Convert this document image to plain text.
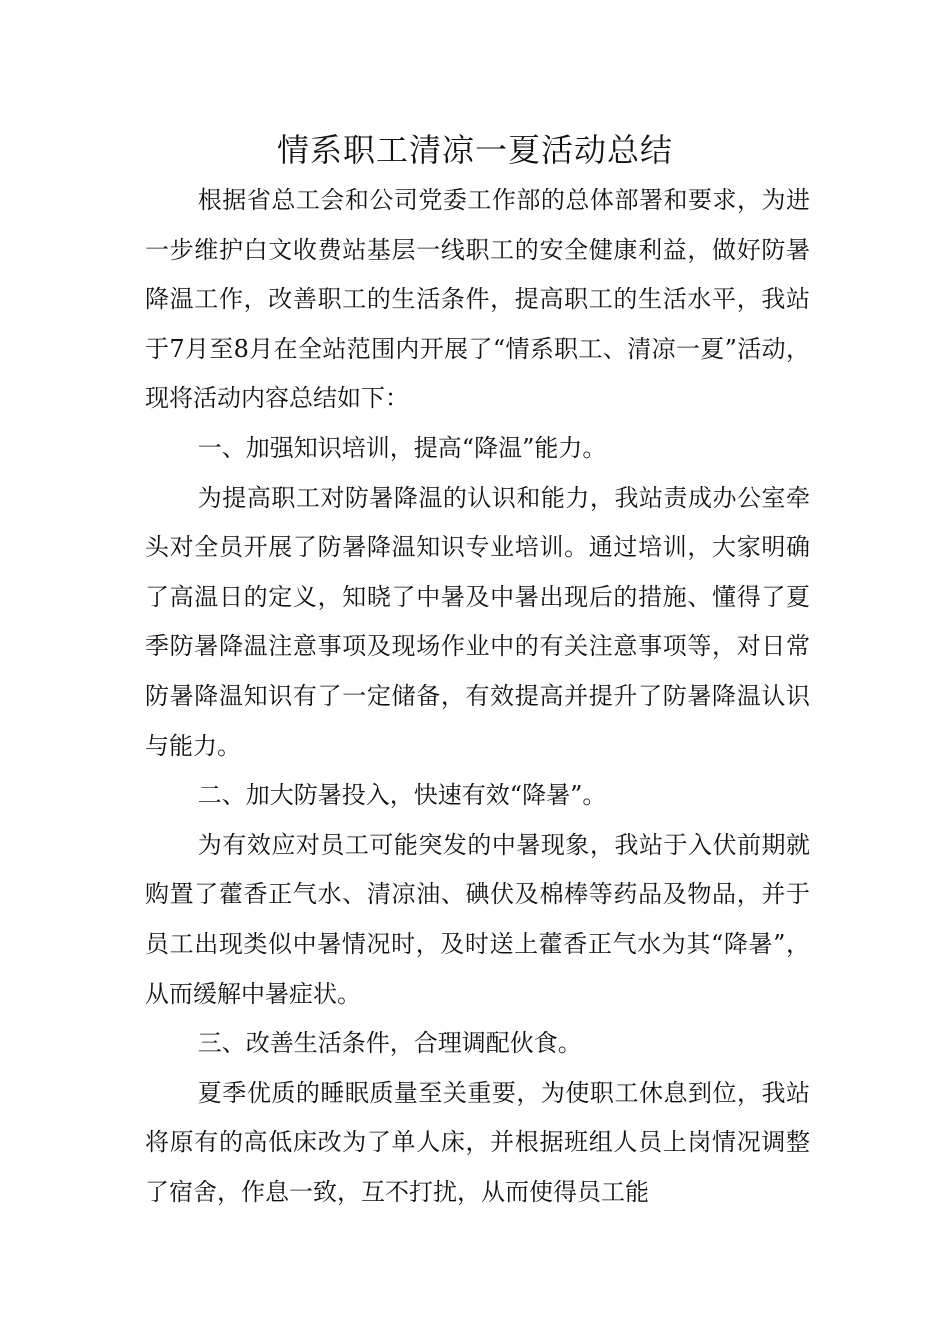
情系职工清凉一夏活动总结

根据省总工会和公司党委工作部的总体部署和要求，为进一步维护白文收费站基层一线职工的安全健康利益，做好防暑降温工作，改善职工的生活条件，提高职工的生活水平，我站于7月至8月在全站范围内开展了“情系职工、清凉一夏”活动，现将活动内容总结如下：

一、加强知识培训，提高“降温”能力。

为提高职工对防暑降温的认识和能力，我站责成办公室牵头对全员开展了防暑降温知识专业培训。通过培训，大家明确了高温日的定义，知晓了中暑及中暑出现后的措施、懂得了夏季防暑降温注意事项及现场作业中的有关注意事项等，对日常防暑降温知识有了一定储备，有效提高并提升了防暑降温认识与能力。

二、加大防暑投入，快速有效“降暑”。

为有效应对员工可能突发的中暑现象，我站于入伏前期就购置了藿香正气水、清凉油、碘伏及棉棒等药品及物品，并于员工出现类似中暑情况时，及时送上藿香正气水为其“降暑”，从而缓解中暑症状。

三、改善生活条件，合理调配伙食。

夏季优质的睡眠质量至关重要，为使职工休息到位，我站将原有的高低床改为了单人床，并根据班组人员上岗情况调整了宿舍，作息一致，互不打扰，从而使得员工能
